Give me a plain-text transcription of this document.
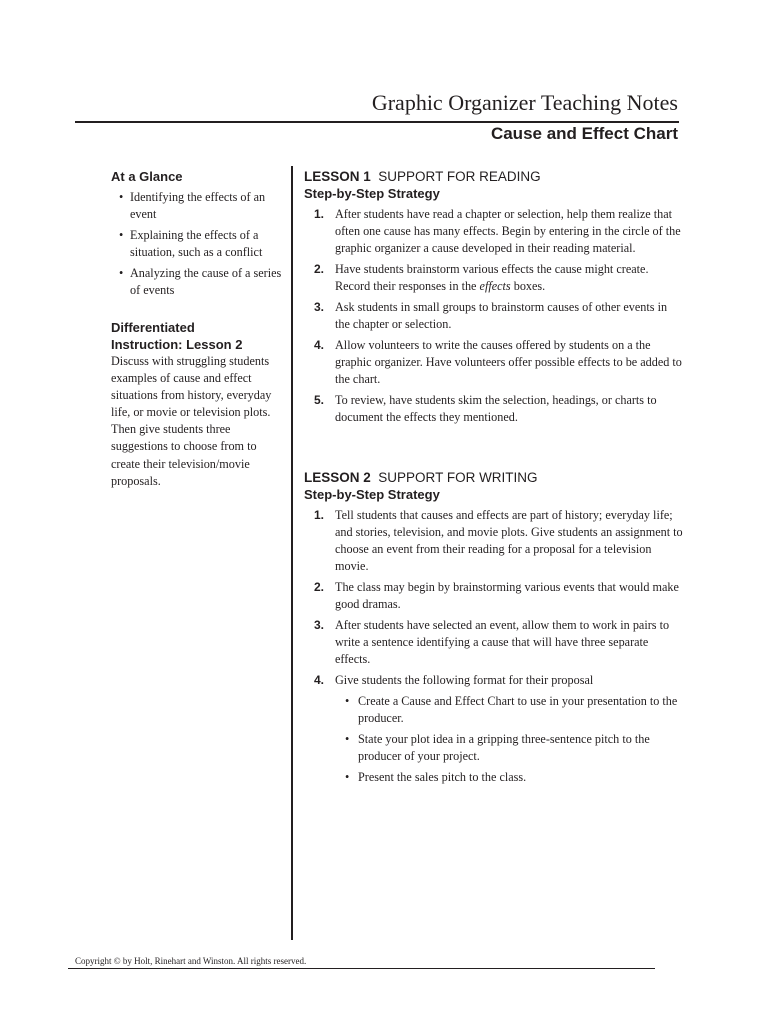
Graphic Organizer Teaching Notes
Cause and Effect Chart
At a Glance
• Identifying the effects of an event
• Explaining the effects of a situation, such as a conflict
• Analyzing the cause of a series of events
Differentiated
Instruction: Lesson 2
Discuss with struggling students examples of cause and effect situations from history, everyday life, or movie or television plots. Then give students three suggestions to choose from to create their television/movie proposals.
LESSON 1 SUPPORT FOR READING
Step-by-Step Strategy
1. After students have read a chapter or selection, help them realize that often one cause has many effects. Begin by entering in the circle of the graphic organizer a cause developed in their reading material.
2. Have students brainstorm various effects the cause might create. Record their responses in the effects boxes.
3. Ask students in small groups to brainstorm causes of other events in the chapter or selection.
4. Allow volunteers to write the causes offered by students on a the graphic organizer. Have volunteers offer possible effects to be added to the chart.
5. To review, have students skim the selection, headings, or charts to document the effects they mentioned.
LESSON 2 SUPPORT FOR WRITING
Step-by-Step Strategy
1. Tell students that causes and effects are part of history; everyday life; and stories, television, and movie plots. Give students an assignment to choose an event from their reading for a proposal for a television movie.
2. The class may begin by brainstorming various events that would make good dramas.
3. After students have selected an event, allow them to work in pairs to write a sentence identifying a cause that will have three separate effects.
4. Give students the following format for their proposal
• Create a Cause and Effect Chart to use in your presentation to the producer.
• State your plot idea in a gripping three-sentence pitch to the producer of your project.
• Present the sales pitch to the class.
Copyright © by Holt, Rinehart and Winston. All rights reserved.
